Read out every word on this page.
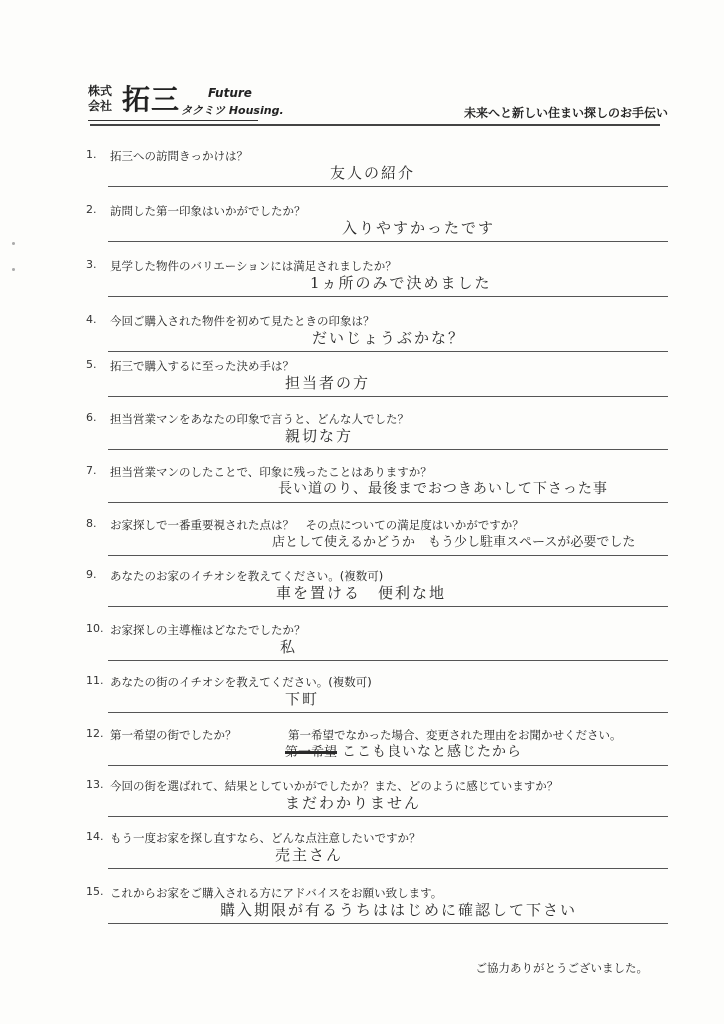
株式
会社 拓三 Future
タクミツ Housing.	未来へと新しい住まい探しのお手伝い
1. 拓三への訪問きっかけは？
友人の紹介
2. 訪問した第一印象はいかがでしたか？
入りやすかったです
3. 見学した物件のバリエーションには満足されましたか？
1ヵ所のみで決めました
4. 今回ご購入された物件を初めて見たときの印象は？
だいじょうぶかな？
5. 拓三で購入するに至った決め手は？
担当者の方
6. 担当営業マンをあなたの印象で言うと、どんな人でした？
親切な方
7. 担当営業マンのしたことで、印象に残ったことはありますか？
長い道のり、最後までおつきあいして下さった事
8. お家探しで一番重要視された点は？　その点についての満足度はいかがですか？
店として使えるかどうか　もう少し駐車スペースが必要でした
9. あなたのお家のイチオシを教えてください。(複数可)
車を置ける　便利な地
10. お家探しの主導権はどなたでしたか？
私
11. あなたの街のイチオシを教えてください。(複数可)
下町
12. 第一希望の街でしたか？	第一希望でなかった場合、変更された理由をお聞かせください。
第一希望 ここも良いなと感じたから
13. 今回の街を選ばれて、結果としていかがでしたか？また、どのように感じていますか？
まだわかりません
14. もう一度お家を探し直すなら、どんな点注意したいですか？
売主さん
15. これからお家をご購入される方にアドバイスをお願い致します。
購入期限が有るうちははじめに確認して下さい
ご協力ありがとうございました。
